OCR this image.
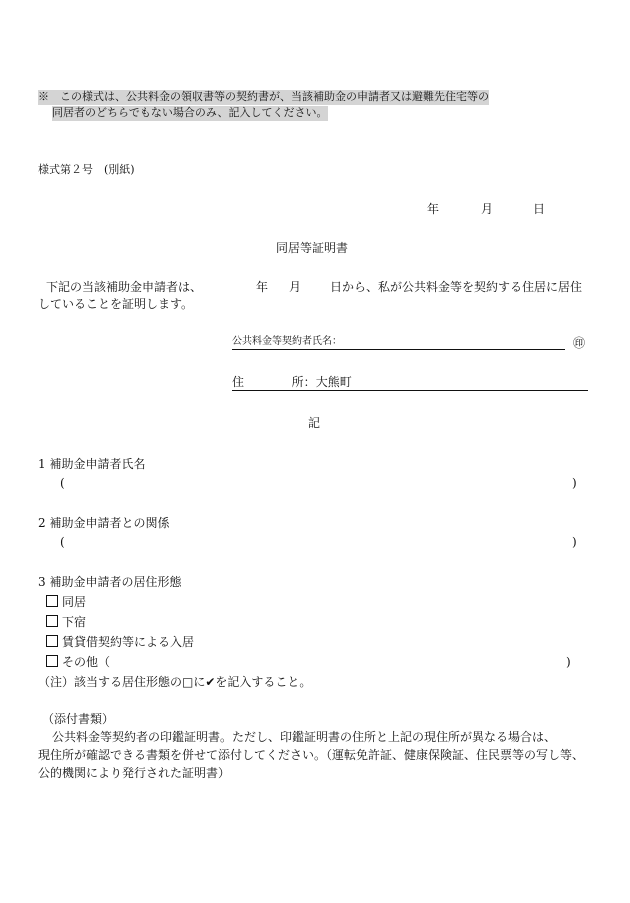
※　この様式は、公共料金の領収書等の契約書が、当該補助金の申請者又は避難先住宅等の
同居者のどちらでもない場合のみ、記入してください。
様式第２号　(別紙)
年	月	日
同居等証明書
下記の当該補助金申請者は、	年 月 日から、私が公共料金等を契約する住居に居住
していることを証明します。
公共料金等契約者氏名：	㊞
住	所：大熊町
記
1 補助金申請者氏名
(	)
2 補助金申請者との関係
(	)
3 補助金申請者の居住形態
同居
下宿
賃貸借契約等による入居
その他（	)
（注）該当する居住形態の□に✔を記入すること。
（添付書類）
公共料金等契約者の印鑑証明書。ただし、印鑑証明書の住所と上記の現住所が異なる場合は、
現住所が確認できる書類を併せて添付してください。（運転免許証、健康保険証、住民票等の写し等、
公的機関により発行された証明書）
